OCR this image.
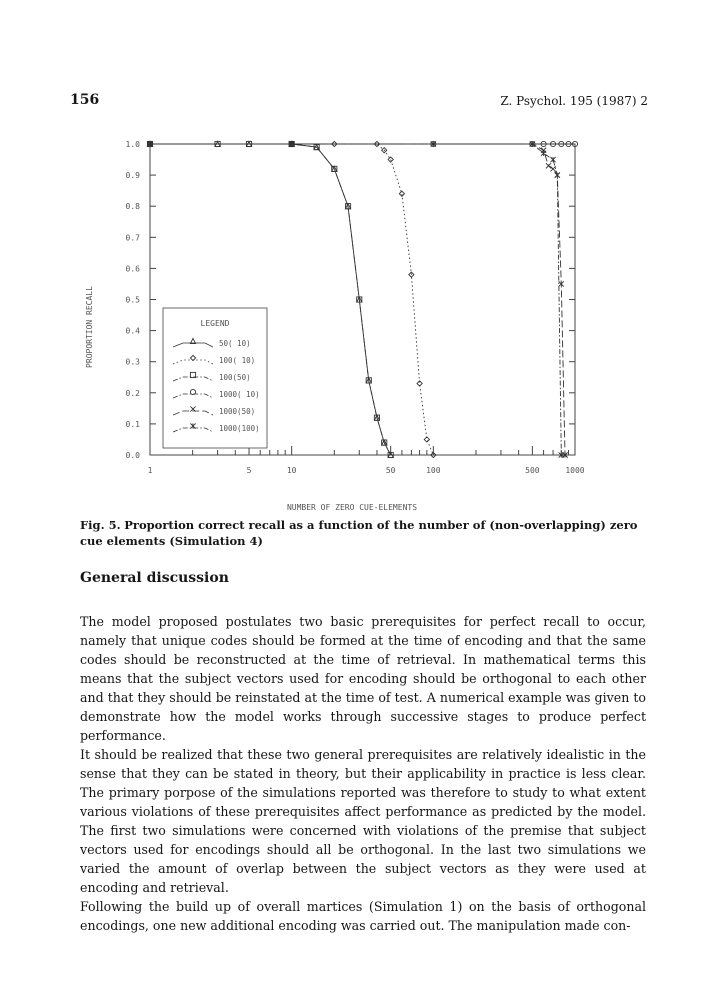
156	Z. Psychol. 195 (1987) 2
0.0
0.1
0.2
0.3
0.4
0.5
0.6
0.7
0.8
0.9
1.0
1	5	10	50	100	500	1000
LEGEND
50( 10)
100( 10)
100(50)
1000( 10)
1000(50)
1000(100)
NUMBER OF ZERO CUE-ELEMENTS
PROPORTION RECALL
Fig. 5. Proportion correct recall as a function of the number of (non-overlapping) zero cue elements (Simulation 4)
General discussion

The model proposed postulates two basic prerequisites for perfect recall to occur, namely that unique codes should be formed at the time of encoding and that the same codes should be reconstructed at the time of retrieval. In mathematical terms this means that the subject vectors used for encoding should be orthogonal to each other and that they should be reinstated at the time of test. A numerical example was given to demonstrate how the model works through successive stages to produce perfect performance.

It should be realized that these two general prerequisites are relatively idealistic in the sense that they can be stated in theory, but their applicability in practice is less clear. The primary porpose of the simulations reported was therefore to study to what extent various violations of these prerequisites affect performance as predicted by the model. The first two simulations were concerned with violations of the premise that subject vectors used for encodings should all be orthogonal. In the last two simulations we varied the amount of overlap between the subject vectors as they were used at encoding and retrieval.

Following the build up of overall martices (Simulation 1) on the basis of orthogonal encodings, one new additional encoding was carried out. The manipulation made con-
